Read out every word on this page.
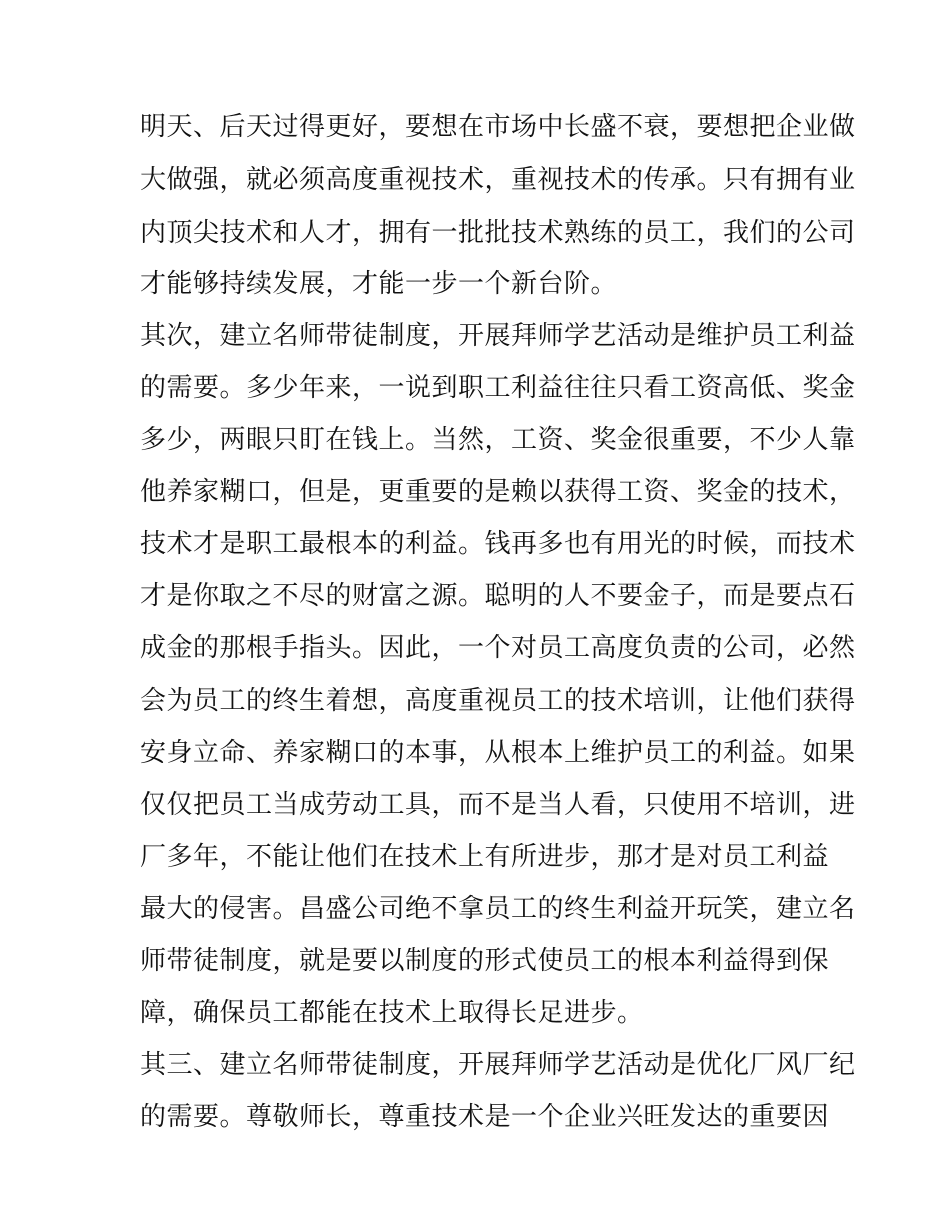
明天、后天过得更好，要想在市场中长盛不衰，要想把企业做
大做强，就必须高度重视技术，重视技术的传承。只有拥有业
内顶尖技术和人才，拥有一批批技术熟练的员工，我们的公司
才能够持续发展，才能一步一个新台阶。
其次，建立名师带徒制度，开展拜师学艺活动是维护员工利益
的需要。多少年来，一说到职工利益往往只看工资高低、奖金
多少，两眼只盯在钱上。当然，工资、奖金很重要，不少人靠
他养家糊口，但是，更重要的是赖以获得工资、奖金的技术，
技术才是职工最根本的利益。钱再多也有用光的时候，而技术
才是你取之不尽的财富之源。聪明的人不要金子，而是要点石
成金的那根手指头。因此，一个对员工高度负责的公司，必然
会为员工的终生着想，高度重视员工的技术培训，让他们获得
安身立命、养家糊口的本事，从根本上维护员工的利益。如果
仅仅把员工当成劳动工具，而不是当人看，只使用不培训，进
厂多年，不能让他们在技术上有所进步，那才是对员工利益
最大的侵害。昌盛公司绝不拿员工的终生利益开玩笑，建立名
师带徒制度，就是要以制度的形式使员工的根本利益得到保
障，确保员工都能在技术上取得长足进步。
其三、建立名师带徒制度，开展拜师学艺活动是优化厂风厂纪
的需要。尊敬师长，尊重技术是一个企业兴旺发达的重要因
